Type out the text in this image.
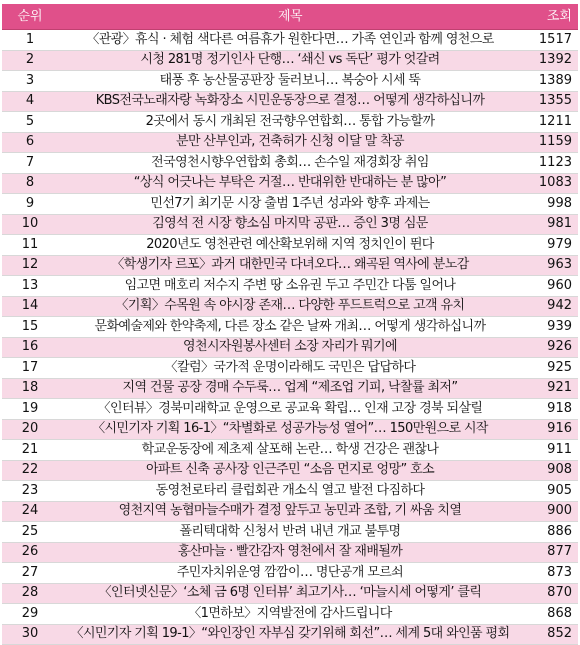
순위	제목	조회
1	〈관광〉휴식 · 체험 색다른 여름휴가 원한다면… 가족 연인과 함께 영천으로	1517
2	시청 281명 정기인사 단행… ‘쇄신 vs 독단’ 평가 엇갈려	1392
3	태풍 후 농산물공판장 둘러보니… 복숭아 시세 뚝	1389
4	KBS전국노래자랑 녹화장소 시민운동장으로 결정… 어떻게 생각하십니까	1355
5	2곳에서 동시 개최된 전국향우연합회… 통합 가능할까	1211
6	분만 산부인과, 건축허가 신청 이달 말 착공	1159
7	전국영천시향우연합회 총회… 손수일 재경회장 취임	1123
8	“상식 어긋나는 부탁은 거절… 반대위한 반대하는 분 많아”	1083
9	민선7기 최기문 시장 출범 1주년 성과와 향후 과제는	998
10	김영석 전 시장 향소심 마지막 공판… 증인 3명 심문	981
11	2020년도 영천관련 예산확보위해 지역 정치인이 뛴다	979
12	〈학생기자 르포〉과거 대한민국 다녀오다… 왜곡된 역사에 분노감	963
13	임고면 매호리 저수지 주변 땅 소유권 두고 주민간 다툼 일어나	960
14	〈기획〉수목원 속 야시장 존재… 다양한 푸드트럭으로 고객 유치	942
15	문화예술제와 한약축제, 다른 장소 같은 날짜 개최… 어떻게 생각하십니까	939
16	영천시자원봉사센터 소장 자리가 뭐기에	926
17	〈칼럼〉국가적 운명이라해도 국민은 답답하다	925
18	지역 건물 공장 경매 수두룩… 업계 “제조업 기피, 낙찰률 최저”	921
19	〈인터뷰〉경북미래학교 운영으로 공교육 확립… 인재 고장 경북 되살릴	918
20	〈시민기자 기획 16-1〉“차별화로 성공가능성 열어”… 150만원으로 시작	916
21	학교운동장에 제초제 살포해 논란… 학생 건강은 괜찮나	911
22	아파트 신축 공사장 인근주민 “소음 먼지로 엉망” 호소	908
23	동영천로타리 클럽회관 개소식 열고 발전 다짐하다	905
24	영천지역 농협마늘수매가 결정 앞두고 농민과 조합, 기 싸움 치열	900
25	폴리텍대학 신청서 반려 내년 개교 불투명	886
26	홍산마늘 · 빨간감자 영천에서 잘 재배될까	877
27	주민자치위운영 깜깜이… 명단공개 모르쇠	873
28	〈인터넷신문〉‘소체 금 6명 인터뷰’ 최고기사… ‘마늘시세 어떻게’ 클릭	870
29	〈1면하보〉지역발전에 감사드립니다	868
30	〈시민기자 기획 19-1〉“와인장인 자부심 갖기위해 회선”… 세계 5대 와인품 평회	852
